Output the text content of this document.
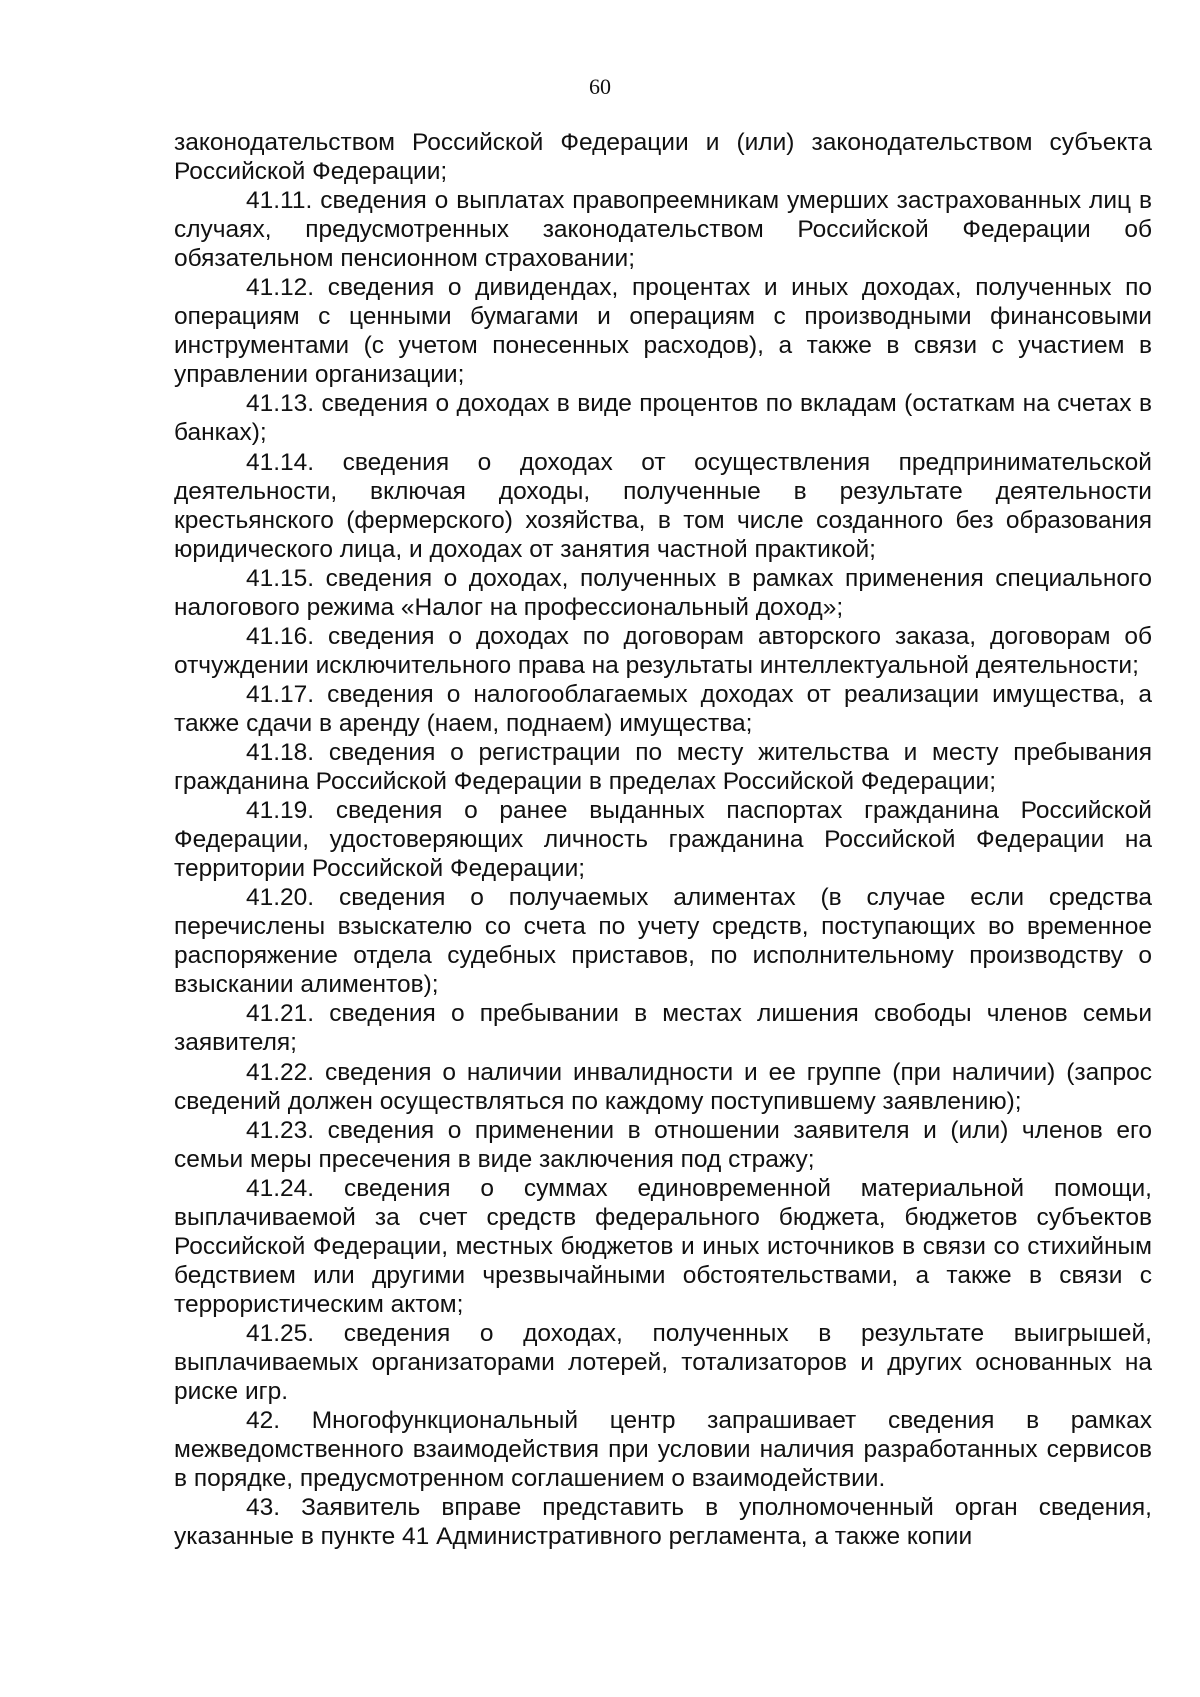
60

законодательством Российской Федерации и (или) законодательством субъекта Российской Федерации;

41.11. сведения о выплатах правопреемникам умерших застрахованных лиц в случаях, предусмотренных законодательством Российской Федерации об обязательном пенсионном страховании;

41.12. сведения о дивидендах, процентах и иных доходах, полученных по операциям с ценными бумагами и операциям с производными финансовыми инструментами (с учетом понесенных расходов), а также в связи с участием в управлении организации;

41.13. сведения о доходах в виде процентов по вкладам (остаткам на счетах в банках);

41.14. сведения о доходах от осуществления предпринимательской деятельности, включая доходы, полученные в результате деятельности крестьянского (фермерского) хозяйства, в том числе созданного без образования юридического лица, и доходах от занятия частной практикой;

41.15. сведения о доходах, полученных в рамках применения специального налогового режима «Налог на профессиональный доход»;

41.16. сведения о доходах по договорам авторского заказа, договорам об отчуждении исключительного права на результаты интеллектуальной деятельности;

41.17. сведения о налогооблагаемых доходах от реализации имущества, а также сдачи в аренду (наем, поднаем) имущества;

41.18. сведения о регистрации по месту жительства и месту пребывания гражданина Российской Федерации в пределах Российской Федерации;

41.19. сведения о ранее выданных паспортах гражданина Российской Федерации, удостоверяющих личность гражданина Российской Федерации на территории Российской Федерации;

41.20. сведения о получаемых алиментах (в случае если средства перечислены взыскателю со счета по учету средств, поступающих во временное распоряжение отдела судебных приставов, по исполнительному производству о взыскании алиментов);

41.21. сведения о пребывании в местах лишения свободы членов семьи заявителя;

41.22. сведения о наличии инвалидности и ее группе (при наличии) (запрос сведений должен осуществляться по каждому поступившему заявлению);

41.23. сведения о применении в отношении заявителя и (или) членов его семьи меры пресечения в виде заключения под стражу;

41.24. сведения о суммах единовременной материальной помощи, выплачиваемой за счет средств федерального бюджета, бюджетов субъектов Российской Федерации, местных бюджетов и иных источников в связи со стихийным бедствием или другими чрезвычайными обстоятельствами, а также в связи с террористическим актом;

41.25. сведения о доходах, полученных в результате выигрышей, выплачиваемых организаторами лотерей, тотализаторов и других основанных на риске игр.

42. Многофункциональный центр запрашивает сведения в рамках межведомственного взаимодействия при условии наличия разработанных сервисов в порядке, предусмотренном соглашением о взаимодействии.

43. Заявитель вправе представить в уполномоченный орган сведения, указанные в пункте 41 Административного регламента, а также копии
